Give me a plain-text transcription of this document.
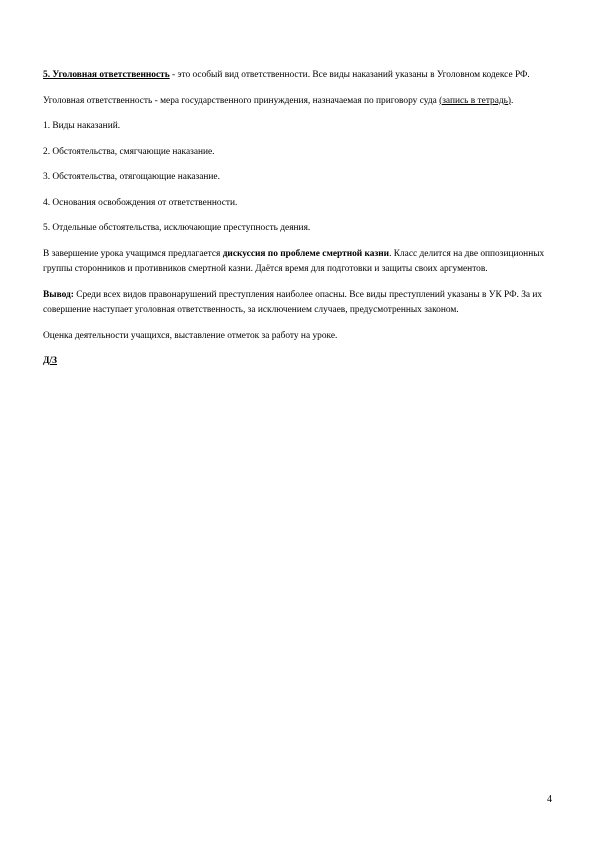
5. Уголовная ответственность - это особый вид ответственности. Все виды наказаний указаны в Уголовном кодексе РФ.

Уголовная ответственность - мера государственного принуждения, назначаемая по приговору суда (запись в тетрадь).

1. Виды наказаний.

2. Обстоятельства, смягчающие наказание.

3. Обстоятельства, отягощающие наказание.

4. Основания освобождения от ответственности.

5. Отдельные обстоятельства, исключающие преступность деяния.

В завершение урока учащимся предлагается дискуссия по проблеме смертной казни. Класс делится на две оппозиционных группы сторонников и противников смертной казни. Даётся время для подготовки и защиты своих аргументов.

Вывод: Среди всех видов правонарушений преступления наиболее опасны. Все виды преступлений указаны в УК РФ. За их совершение наступает уголовная ответственность, за исключением случаев, предусмотренных законом.

Оценка деятельности учащихся, выставление отметок за работу на уроке.

Д/З

4
